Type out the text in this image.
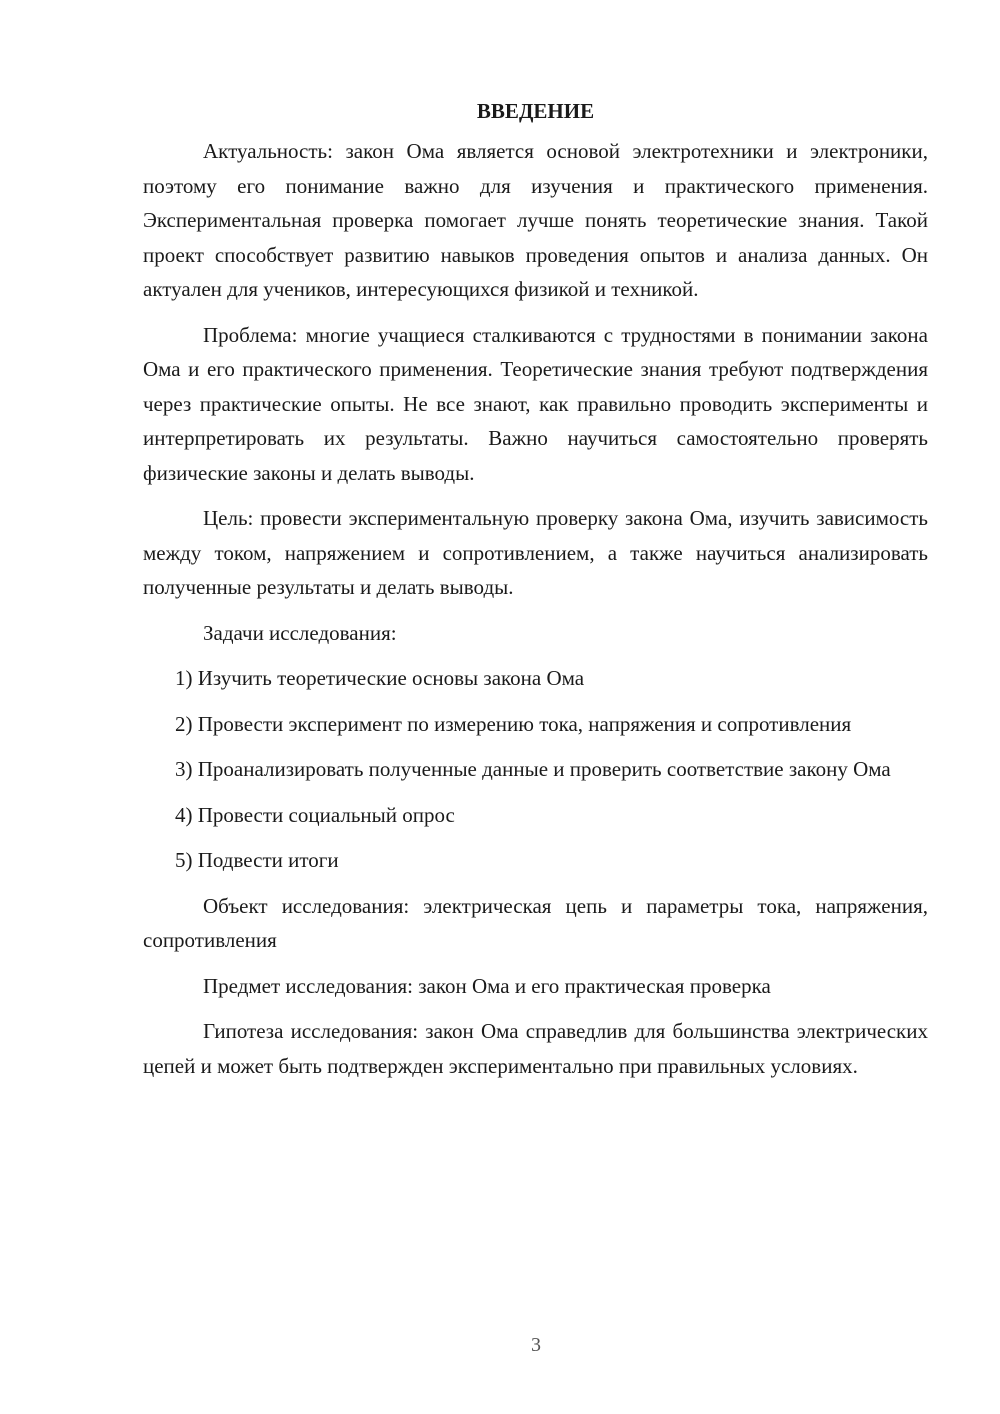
ВВЕДЕНИЕ

Актуальность: закон Ома является основой электротехники и электроники, поэтому его понимание важно для изучения и практического применения. Экспериментальная проверка помогает лучше понять теоретические знания. Такой проект способствует развитию навыков проведения опытов и анализа данных. Он актуален для учеников, интересующихся физикой и техникой.

Проблема: многие учащиеся сталкиваются с трудностями в понимании закона Ома и его практического применения. Теоретические знания требуют подтверждения через практические опыты. Не все знают, как правильно проводить эксперименты и интерпретировать их результаты. Важно научиться самостоятельно проверять физические законы и делать выводы.

Цель: провести экспериментальную проверку закона Ома, изучить зависимость между током, напряжением и сопротивлением, а также научиться анализировать полученные результаты и делать выводы.

Задачи исследования:

1) Изучить теоретические основы закона Ома

2) Провести эксперимент по измерению тока, напряжения и сопротивления

3) Проанализировать полученные данные и проверить соответствие закону Ома

4) Провести социальный опрос

5) Подвести итоги

Объект исследования: электрическая цепь и параметры тока, напряжения, сопротивления

Предмет исследования: закон Ома и его практическая проверка

Гипотеза исследования: закон Ома справедлив для большинства электрических цепей и может быть подтвержден экспериментально при правильных условиях.

3
